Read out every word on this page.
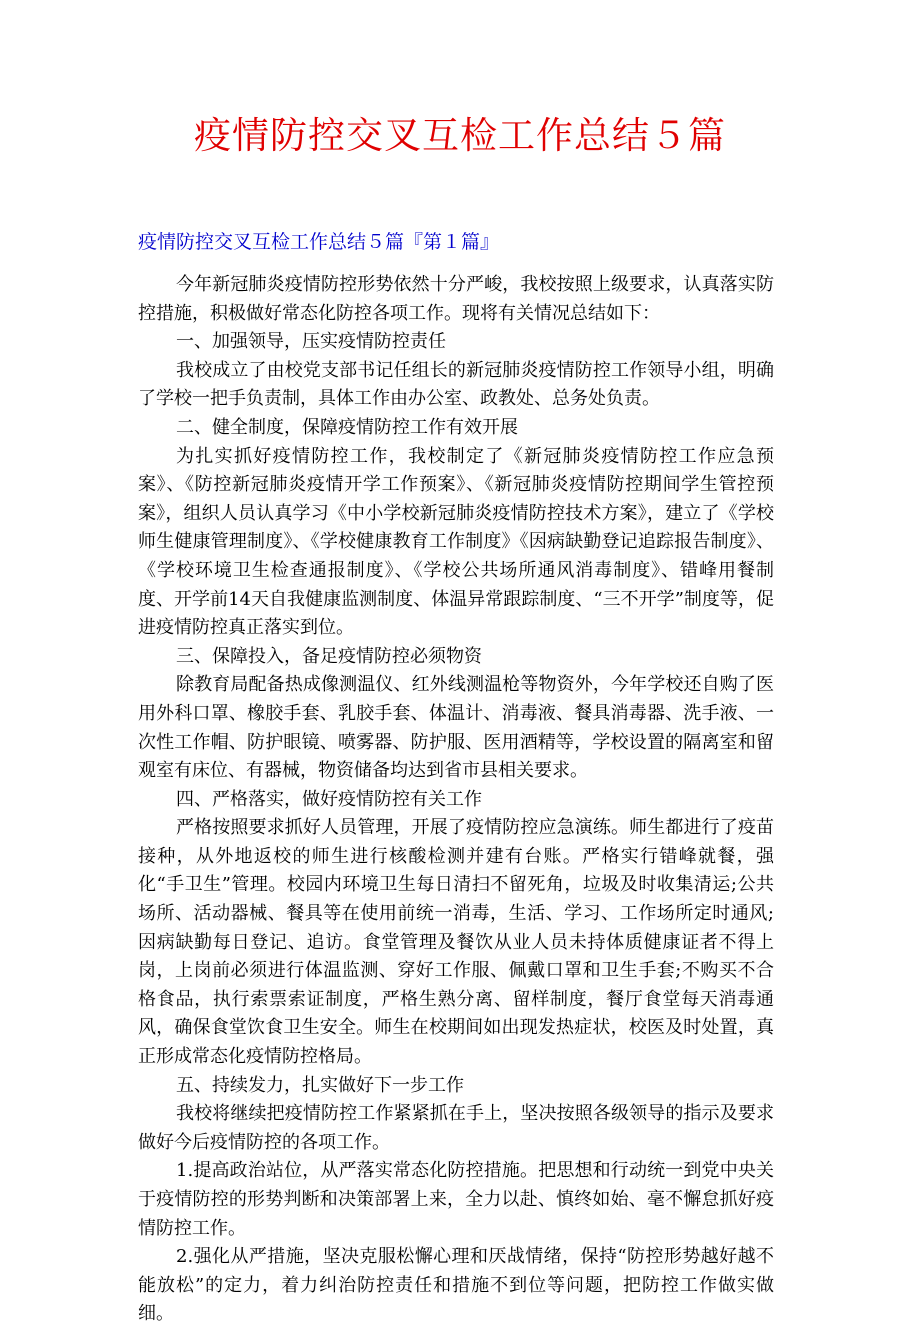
疫情防控交叉互检工作总结５篇
疫情防控交叉互检工作总结５篇『第１篇』

今年新冠肺炎疫情防控形势依然十分严峻，我校按照上级要求，认真落实防控措施，积极做好常态化防控各项工作。现将有关情况总结如下：

一、加强领导，压实疫情防控责任

我校成立了由校党支部书记任组长的新冠肺炎疫情防控工作领导小组，明确了学校一把手负责制，具体工作由办公室、政教处、总务处负责。

二、健全制度，保障疫情防控工作有效开展

为扎实抓好疫情防控工作，我校制定了《新冠肺炎疫情防控工作应急预案》、《防控新冠肺炎疫情开学工作预案》、《新冠肺炎疫情防控期间学生管控预案》，组织人员认真学习《中小学校新冠肺炎疫情防控技术方案》，建立了《学校师生健康管理制度》、《学校健康教育工作制度》《因病缺勤登记追踪报告制度》、《学校环境卫生检查通报制度》、《学校公共场所通风消毒制度》、错峰用餐制度、开学前14天自我健康监测制度、体温异常跟踪制度、“三不开学”制度等，促进疫情防控真正落实到位。

三、保障投入，备足疫情防控必须物资

除教育局配备热成像测温仪、红外线测温枪等物资外，今年学校还自购了医用外科口罩、橡胶手套、乳胶手套、体温计、消毒液、餐具消毒器、洗手液、一次性工作帽、防护眼镜、喷雾器、防护服、医用酒精等，学校设置的隔离室和留观室有床位、有器械，物资储备均达到省市县相关要求。

四、严格落实，做好疫情防控有关工作

严格按照要求抓好人员管理，开展了疫情防控应急演练。师生都进行了疫苗接种，从外地返校的师生进行核酸检测并建有台账。严格实行错峰就餐，强化“手卫生”管理。校园内环境卫生每日清扫不留死角，垃圾及时收集清运;公共场所、活动器械、餐具等在使用前统一消毒，生活、学习、工作场所定时通风;因病缺勤每日登记、追访。食堂管理及餐饮从业人员未持体质健康证者不得上岗，上岗前必须进行体温监测、穿好工作服、佩戴口罩和卫生手套;不购买不合格食品，执行索票索证制度，严格生熟分离、留样制度，餐厅食堂每天消毒通风，确保食堂饮食卫生安全。师生在校期间如出现发热症状，校医及时处置，真正形成常态化疫情防控格局。

五、持续发力，扎实做好下一步工作

我校将继续把疫情防控工作紧紧抓在手上，坚决按照各级领导的指示及要求做好今后疫情防控的各项工作。

1.提高政治站位，从严落实常态化防控措施。把思想和行动统一到党中央关于疫情防控的形势判断和决策部署上来，全力以赴、慎终如始、毫不懈怠抓好疫情防控工作。

2.强化从严措施，坚决克服松懈心理和厌战情绪，保持“防控形势越好越不能放松”的定力，着力纠治防控责任和措施不到位等问题，把防控工作做实做细。
